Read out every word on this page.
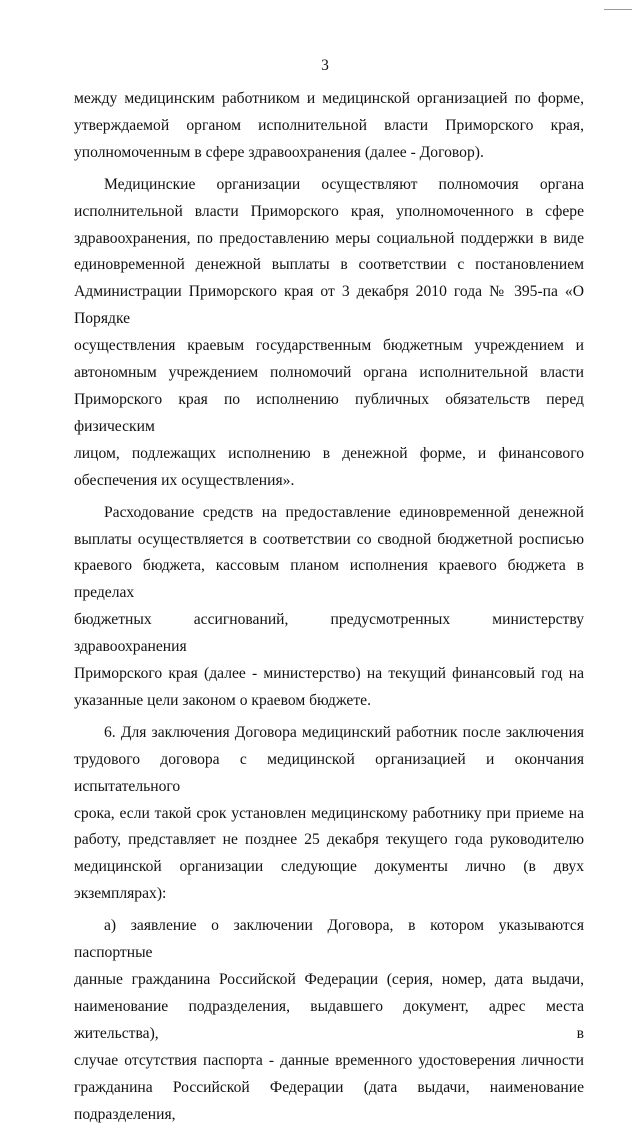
3

между медицинским работником и медицинской организацией по форме,

утверждаемой органом исполнительной власти Приморского края,

уполномоченным в сфере здравоохранения (далее - Договор).

Медицинские организации осуществляют полномочия органа

исполнительной власти Приморского края, уполномоченного в сфере

здравоохранения, по предоставлению меры социальной поддержки в виде

единовременной денежной выплаты в соответствии с постановлением

Администрации Приморского края от 3 декабря 2010 года № 395-па «О Порядке

осуществления краевым государственным бюджетным учреждением и

автономным учреждением полномочий органа исполнительной власти

Приморского края по исполнению публичных обязательств перед физическим

лицом, подлежащих исполнению в денежной форме, и финансового

обеспечения их осуществления».

Расходование средств на предоставление единовременной денежной

выплаты осуществляется в соответствии со сводной бюджетной росписью

краевого бюджета, кассовым планом исполнения краевого бюджета в пределах

бюджетных ассигнований, предусмотренных министерству здравоохранения

Приморского края (далее - министерство) на текущий финансовый год на

указанные цели законом о краевом бюджете.

6. Для заключения Договора медицинский работник после заключения

трудового договора с медицинской организацией и окончания испытательного

срока, если такой срок установлен медицинскому работнику при приеме на

работу, представляет не позднее 25 декабря текущего года руководителю

медицинской организации следующие документы лично (в двух экземплярах):

а) заявление о заключении Договора, в котором указываются паспортные

данные гражданина Российской Федерации (серия, номер, дата выдачи,

наименование подразделения, выдавшего документ, адрес места жительства), в

случае отсутствия паспорта - данные временного удостоверения личности

гражданина Российской Федерации (дата выдачи, наименование подразделения,
